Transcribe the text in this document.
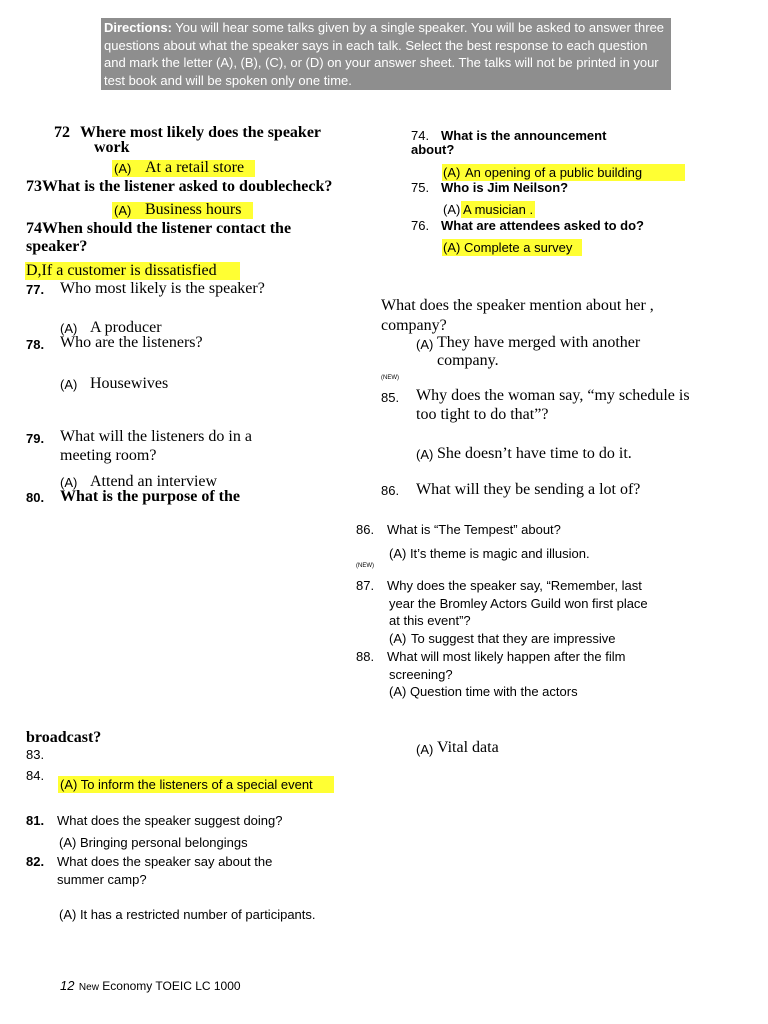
Directions: You will hear some talks given by a single speaker. You will be asked to answer three questions about what the speaker says in each talk. Select the best response to each question and mark the letter (A), (B), (C), or (D) on your answer sheet. The talks will not be printed in your test book and will be spoken only one time.
72 Where most likely does the speaker
work
(A) At a retail store
73What is the listener asked to doublecheck?
(A) Business hours
74When should the listener contact the
speaker?
D,If a customer is dissatisfied
77. Who most likely is the speaker?
(A) A producer
78. Who are the listeners?
(A) Housewives
79. What will the listeners do in a
meeting room?
(A) Attend an interview
80. What is the purpose of the
broadcast?
83.
84.
(A) To inform the listeners of a special event
81. What does the speaker suggest doing?
(A) Bringing personal belongings
82. What does the speaker say about the
summer camp?
(A) It has a restricted number of participants.
74. What is the announcement
about?
(A) An opening of a public building
75. Who is Jim Neilson?
(A) A musician .
76. What are attendees asked to do?
(A) Complete a survey
What does the speaker mention about her ,
company?
(A) They have merged with another
company.
(NEW)
85. Why does the woman say, “my schedule is
too tight to do that”?
(A) She doesn’t have time to do it.
86. What will they be sending a lot of?
86. What is “The Tempest” about?
(A) It’s theme is magic and illusion.
(NEW)
87. Why does the speaker say, “Remember, last
year the Bromley Actors Guild won first place
at this event”?
(A) To suggest that they are impressive
88. What will most likely happen after the film
screening?
(A) Question time with the actors
(A) Vital data
12 New Economy TOEIC LC 1000
